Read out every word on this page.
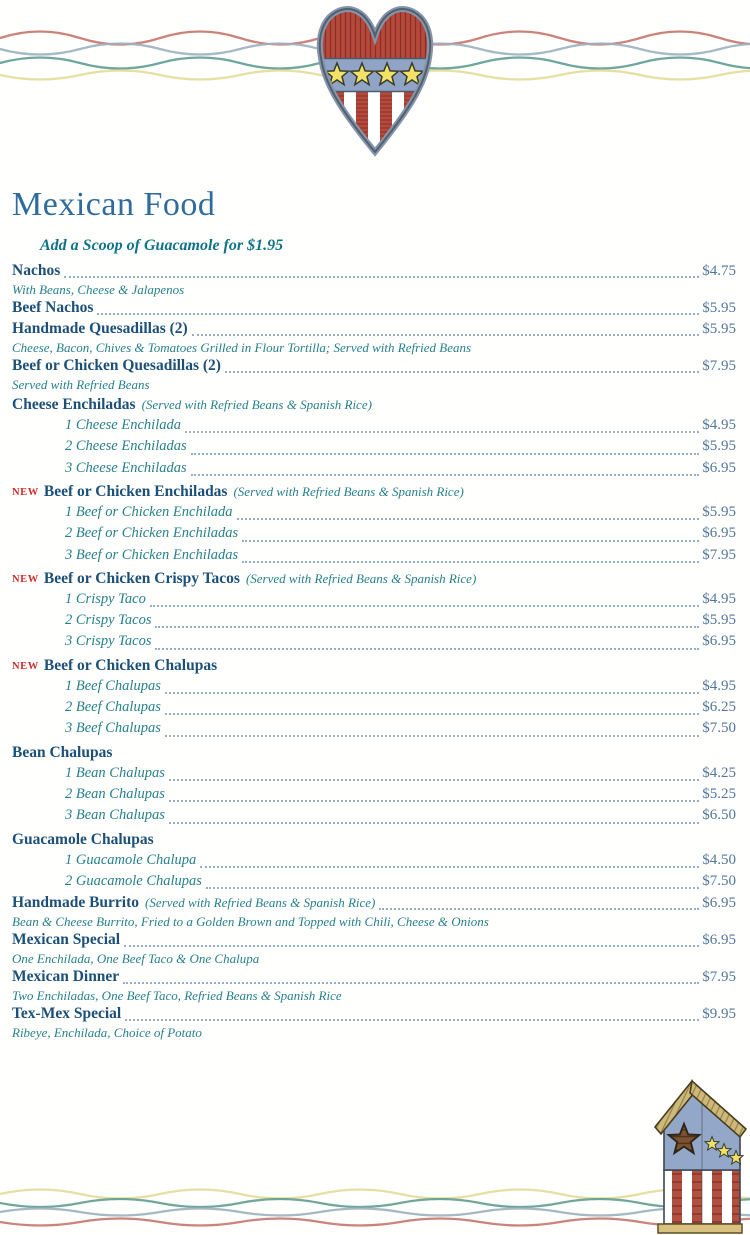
Mexican Food
Add a Scoop of Guacamole for $1.95
Nachos	$4.75
With Beans, Cheese & Jalapenos
Beef Nachos	$5.95
Handmade Quesadillas (2)	$5.95
Cheese, Bacon, Chives & Tomatoes Grilled in Flour Tortilla; Served with Refried Beans
Beef or Chicken Quesadillas (2)	$7.95
Served with Refried Beans
Cheese Enchiladas (Served with Refried Beans & Spanish Rice)
1 Cheese Enchilada	$4.95
2 Cheese Enchiladas	$5.95
3 Cheese Enchiladas	$6.95
NEW Beef or Chicken Enchiladas (Served with Refried Beans & Spanish Rice)
1 Beef or Chicken Enchilada	$5.95
2 Beef or Chicken Enchiladas	$6.95
3 Beef or Chicken Enchiladas	$7.95
NEW Beef or Chicken Crispy Tacos (Served with Refried Beans & Spanish Rice)
1 Crispy Taco	$4.95
2 Crispy Tacos	$5.95
3 Crispy Tacos	$6.95
NEW Beef or Chicken Chalupas
1 Beef Chalupas	$4.95
2 Beef Chalupas	$6.25
3 Beef Chalupas	$7.50
Bean Chalupas
1 Bean Chalupas	$4.25
2 Bean Chalupas	$5.25
3 Bean Chalupas	$6.50
Guacamole Chalupas
1 Guacamole Chalupa	$4.50
2 Guacamole Chalupas	$7.50
Handmade Burrito (Served with Refried Beans & Spanish Rice)	$6.95
Bean & Cheese Burrito, Fried to a Golden Brown and Topped with Chili, Cheese & Onions
Mexican Special	$6.95
One Enchilada, One Beef Taco & One Chalupa
Mexican Dinner	$7.95
Two Enchiladas, One Beef Taco, Refried Beans & Spanish Rice
Tex-Mex Special	$9.95
Ribeye, Enchilada, Choice of Potato
